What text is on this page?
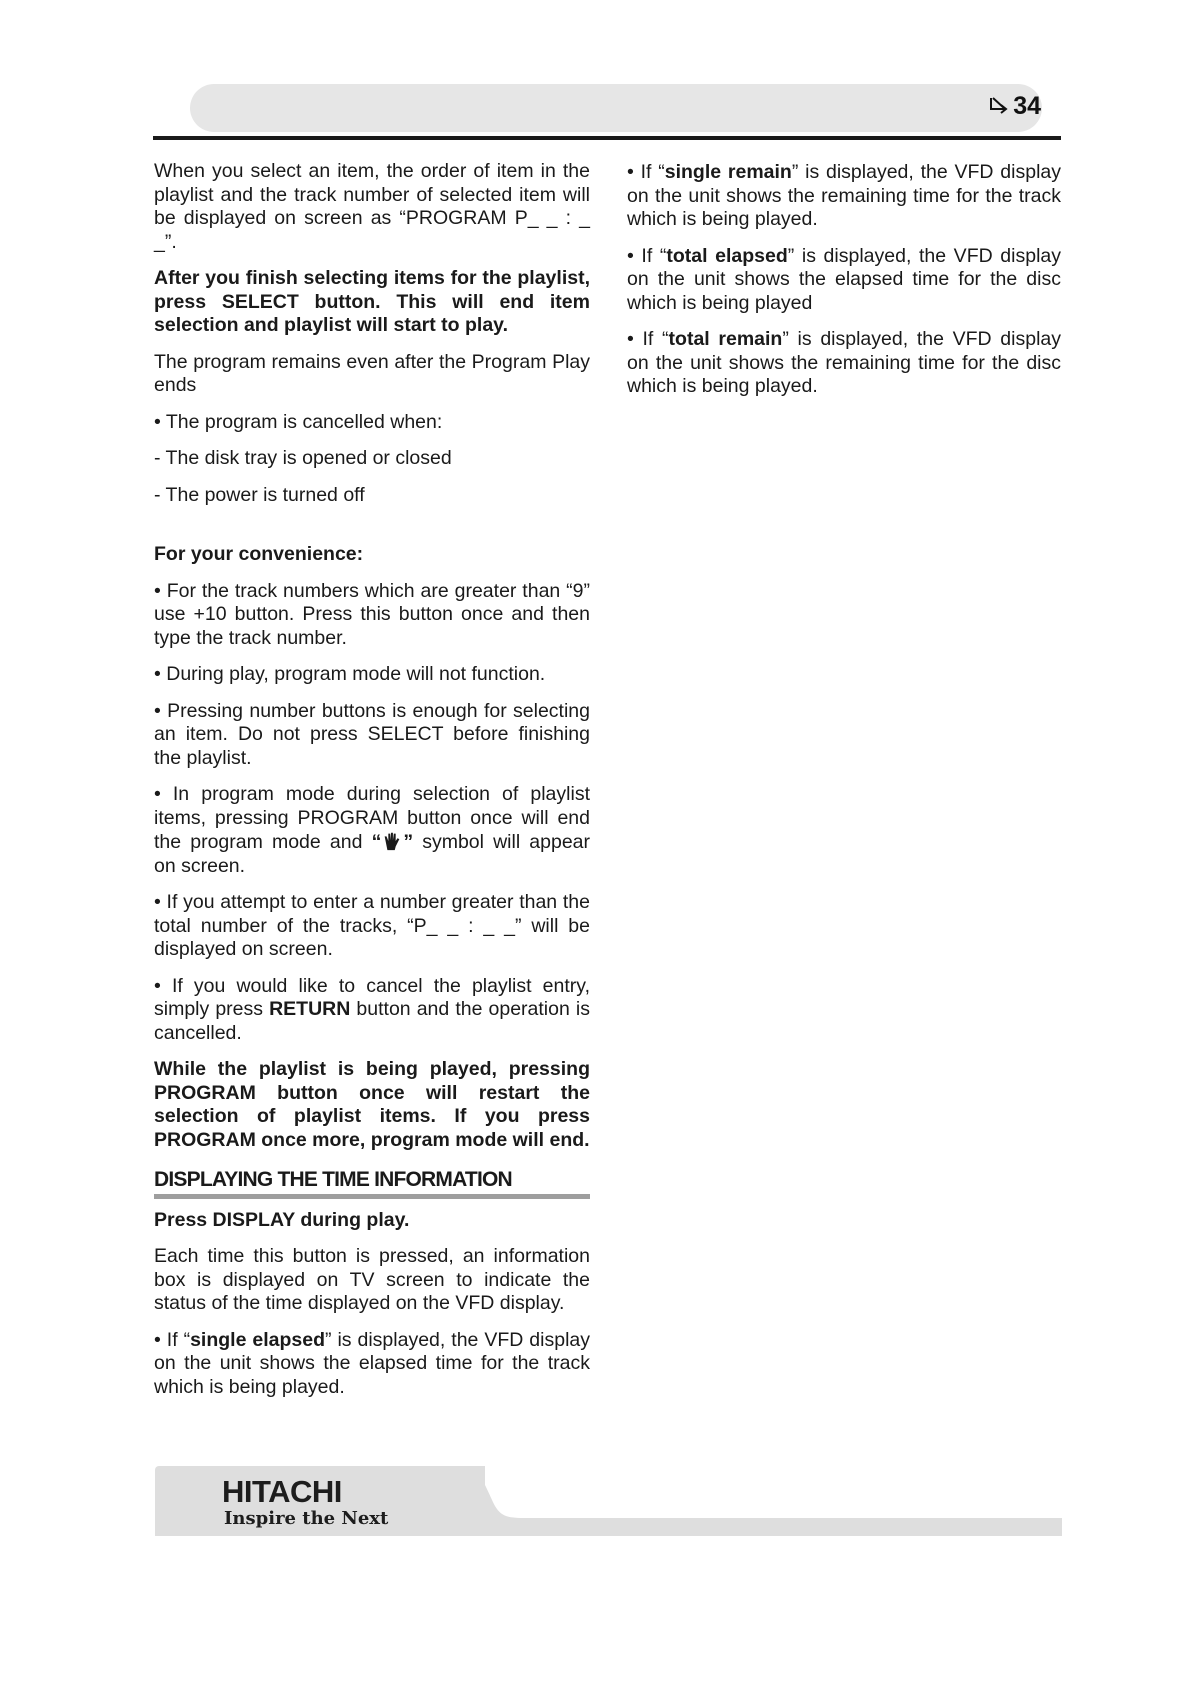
34

When you select an item, the order of item in the playlist and the track number of selected item will be displayed on screen as “PROGRAM P_ _ : _ _”.

After you finish selecting items for the playlist, press SELECT button. This will end item selection and playlist will start to play.

The program remains even after the Program Play ends

• The program is cancelled when:

- The disk tray is opened or closed

- The power is turned off

For your convenience:

• For the track numbers which are greater than “9” use +10 button. Press this button once and then type the track number.

• During play, program mode will not function.

• Pressing number buttons is enough for selecting an item. Do not press SELECT before finishing the playlist.

• In program mode during selection of playlist items, pressing PROGRAM button once will end the program mode and “ ” symbol will appear on screen.

• If you attempt to enter a number greater than the total number of the tracks, “P_ _ : _ _” will be displayed on screen.

• If you would like to cancel the playlist entry, simply press RETURN button and the operation is cancelled.

While the playlist is being played, pressing PROGRAM button once will restart the selection of playlist items. If you press PROGRAM once more, program mode will end.

DISPLAYING THE TIME INFORMATION

Press DISPLAY during play.

Each time this button is pressed, an information box is displayed on TV screen to indicate the status of the time displayed on the VFD display.

• If “single elapsed” is displayed, the VFD display on the unit shows the elapsed time for the track which is being played.

• If “single remain” is displayed, the VFD display on the unit shows the remaining time for the track which is being played.

• If “total elapsed” is displayed, the VFD display on the unit shows the elapsed time for the disc which is being played

• If “total remain” is displayed, the VFD display on the unit shows the remaining time for the disc which is being played.

HITACHI
Inspire the Next
